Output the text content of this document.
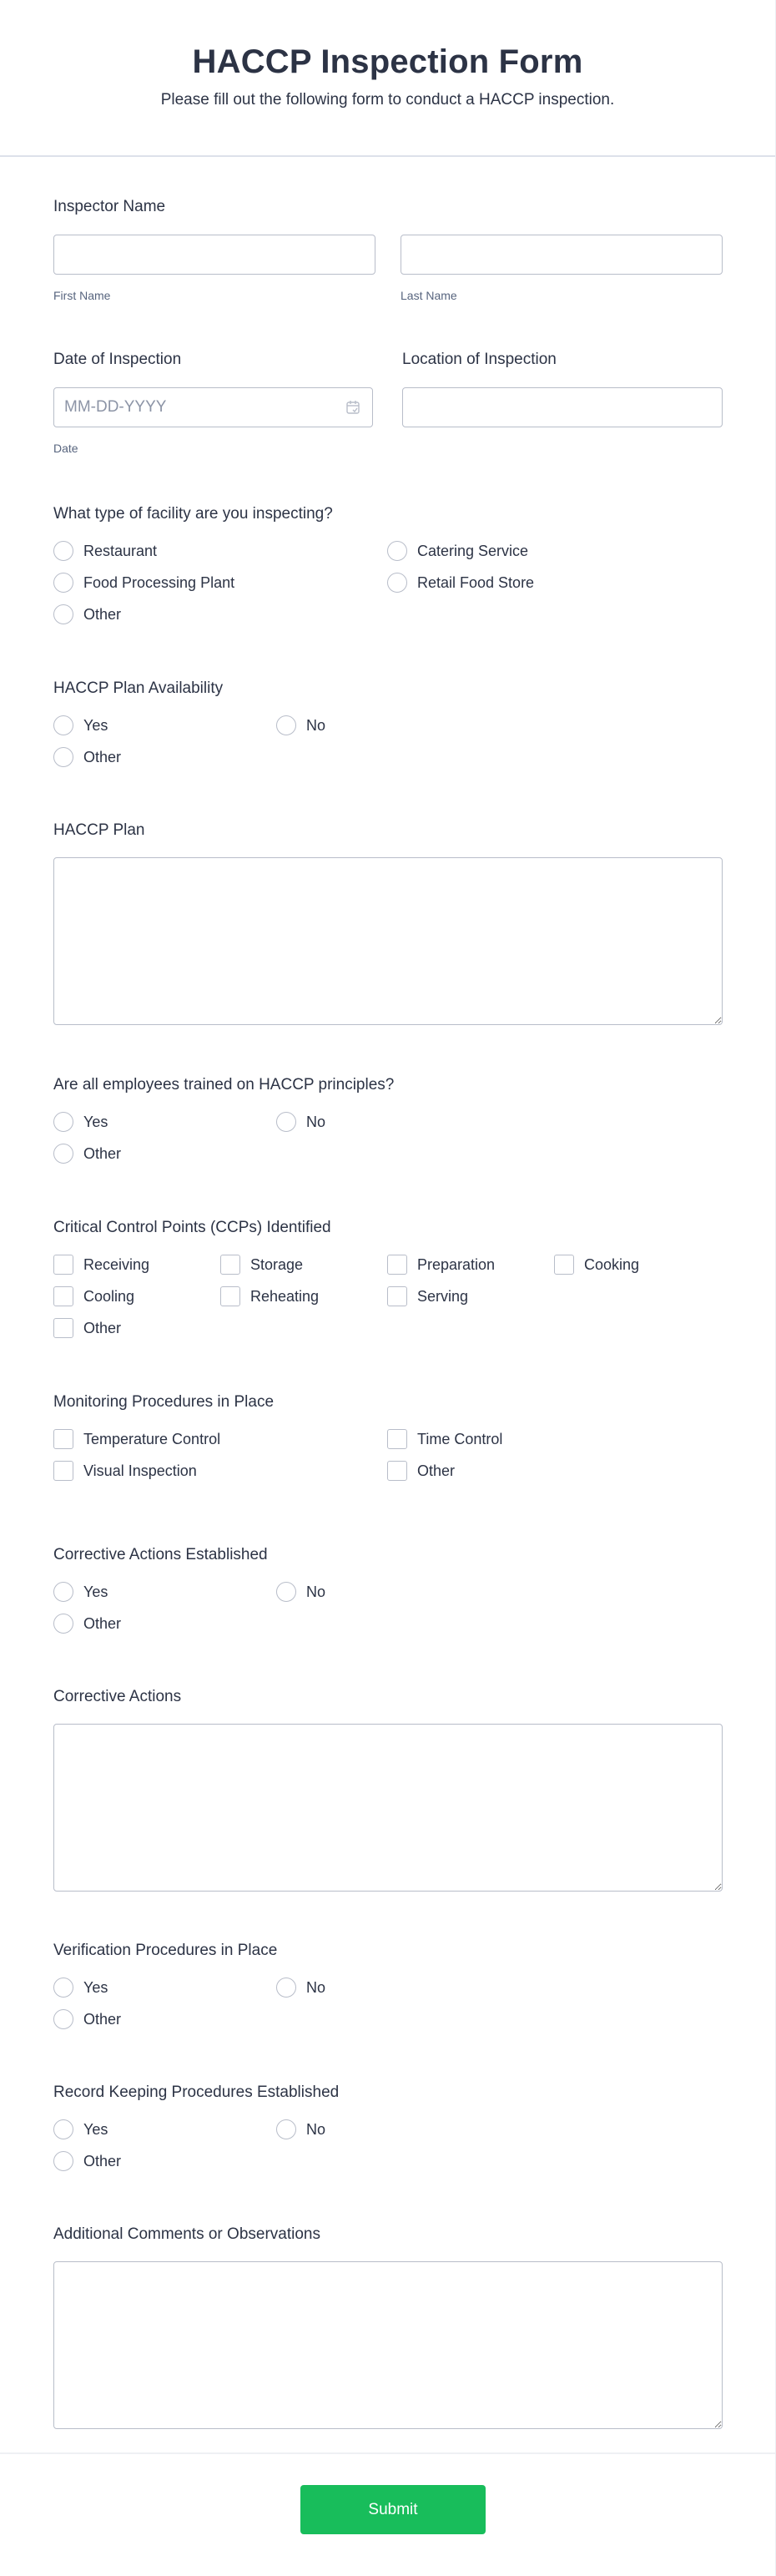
HACCP Inspection Form

Please fill out the following form to conduct a HACCP inspection.

Inspector Name
First Name	Last Name
Date of Inspection
MM-DD-YYYY
Date
Location of Inspection
What type of facility are you inspecting?
Restaurant	Catering Service
Food Processing Plant	Retail Food Store
Other
HACCP Plan Availability
Yes	No
Other
HACCP Plan
Are all employees trained on HACCP principles?
Yes	No
Other
Critical Control Points (CCPs) Identified
Receiving	Storage	Preparation	Cooking
Cooling	Reheating	Serving
Other
Monitoring Procedures in Place
Temperature Control	Time Control
Visual Inspection	Other
Corrective Actions Established
Yes	No
Other
Corrective Actions
Verification Procedures in Place
Yes	No
Other
Record Keeping Procedures Established
Yes	No
Other
Additional Comments or Observations
Submit
